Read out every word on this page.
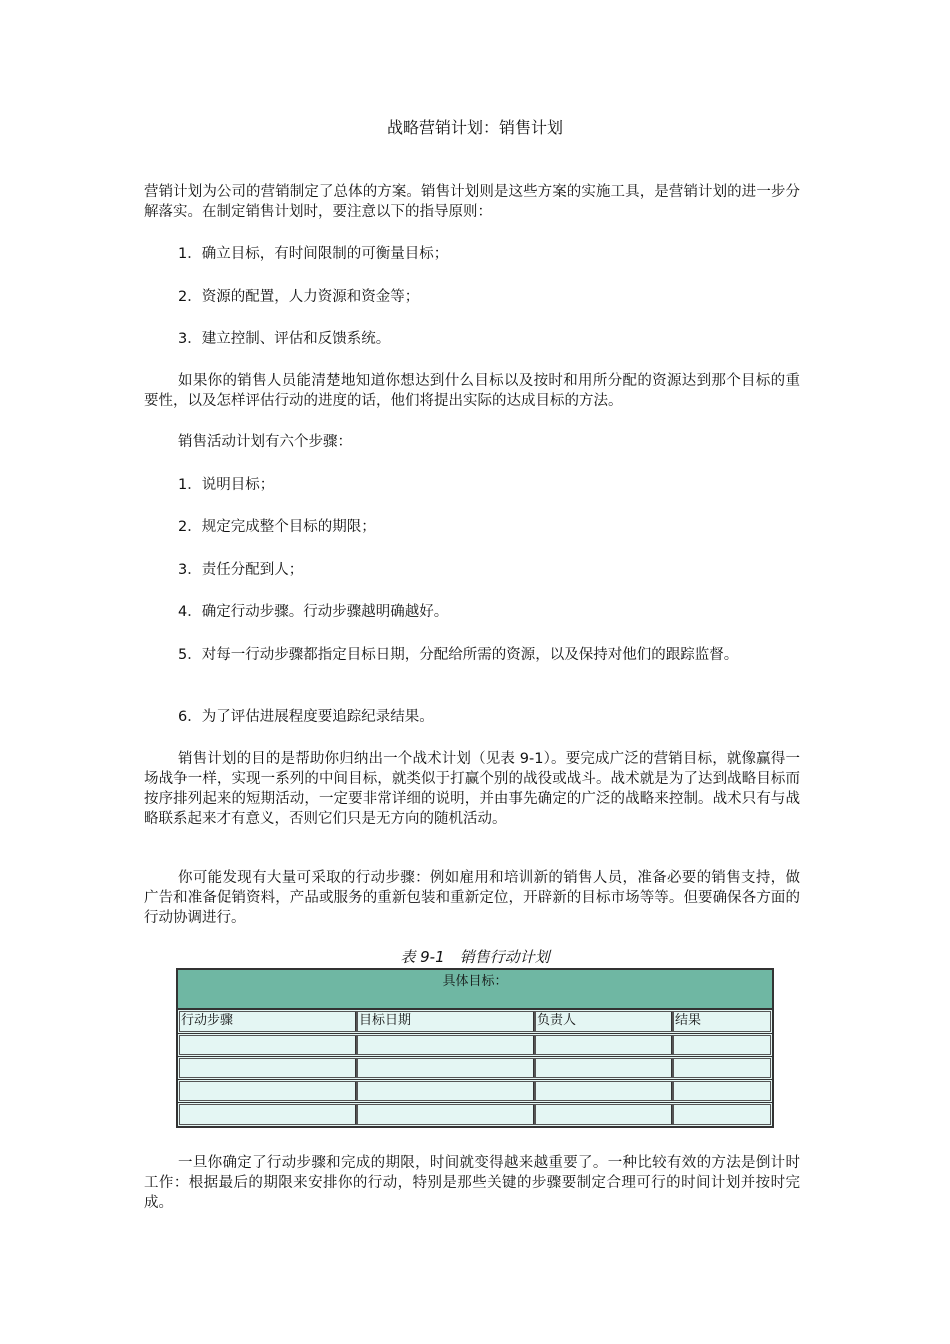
战略营销计划：销售计划

营销计划为公司的营销制定了总体的方案。销售计划则是这些方案的实施工具，是营销计划的进一步分解落实。在制定销售计划时，要注意以下的指导原则：

1．确立目标，有时间限制的可衡量目标；

2．资源的配置，人力资源和资金等；

3．建立控制、评估和反馈系统。

如果你的销售人员能清楚地知道你想达到什么目标以及按时和用所分配的资源达到那个目标的重要性，以及怎样评估行动的进度的话，他们将提出实际的达成目标的方法。

销售活动计划有六个步骤：

1．说明目标；

2．规定完成整个目标的期限；

3．责任分配到人；

4．确定行动步骤。行动步骤越明确越好。

5．对每一行动步骤都指定目标日期，分配给所需的资源，以及保持对他们的跟踪监督。

6．为了评估进展程度要追踪纪录结果。

销售计划的目的是帮助你归纳出一个战术计划（见表 9-1）。要完成广泛的营销目标，就像赢得一场战争一样，实现一系列的中间目标，就类似于打赢个别的战役或战斗。战术就是为了达到战略目标而按序排列起来的短期活动，一定要非常详细的说明，并由事先确定的广泛的战略来控制。战术只有与战略联系起来才有意义，否则它们只是无方向的随机活动。

你可能发现有大量可采取的行动步骤：例如雇用和培训新的销售人员，准备必要的销售支持，做广告和准备促销资料，产品或服务的重新包装和重新定位，开辟新的目标市场等等。但要确保各方面的行动协调进行。

表 9-1　销售行动计划
具体目标：
行动步骤	目标日期	负责人	结果

一旦你确定了行动步骤和完成的期限，时间就变得越来越重要了。一种比较有效的方法是倒计时工作：根据最后的期限来安排你的行动，特别是那些关键的步骤要制定合理可行的时间计划并按时完成。
